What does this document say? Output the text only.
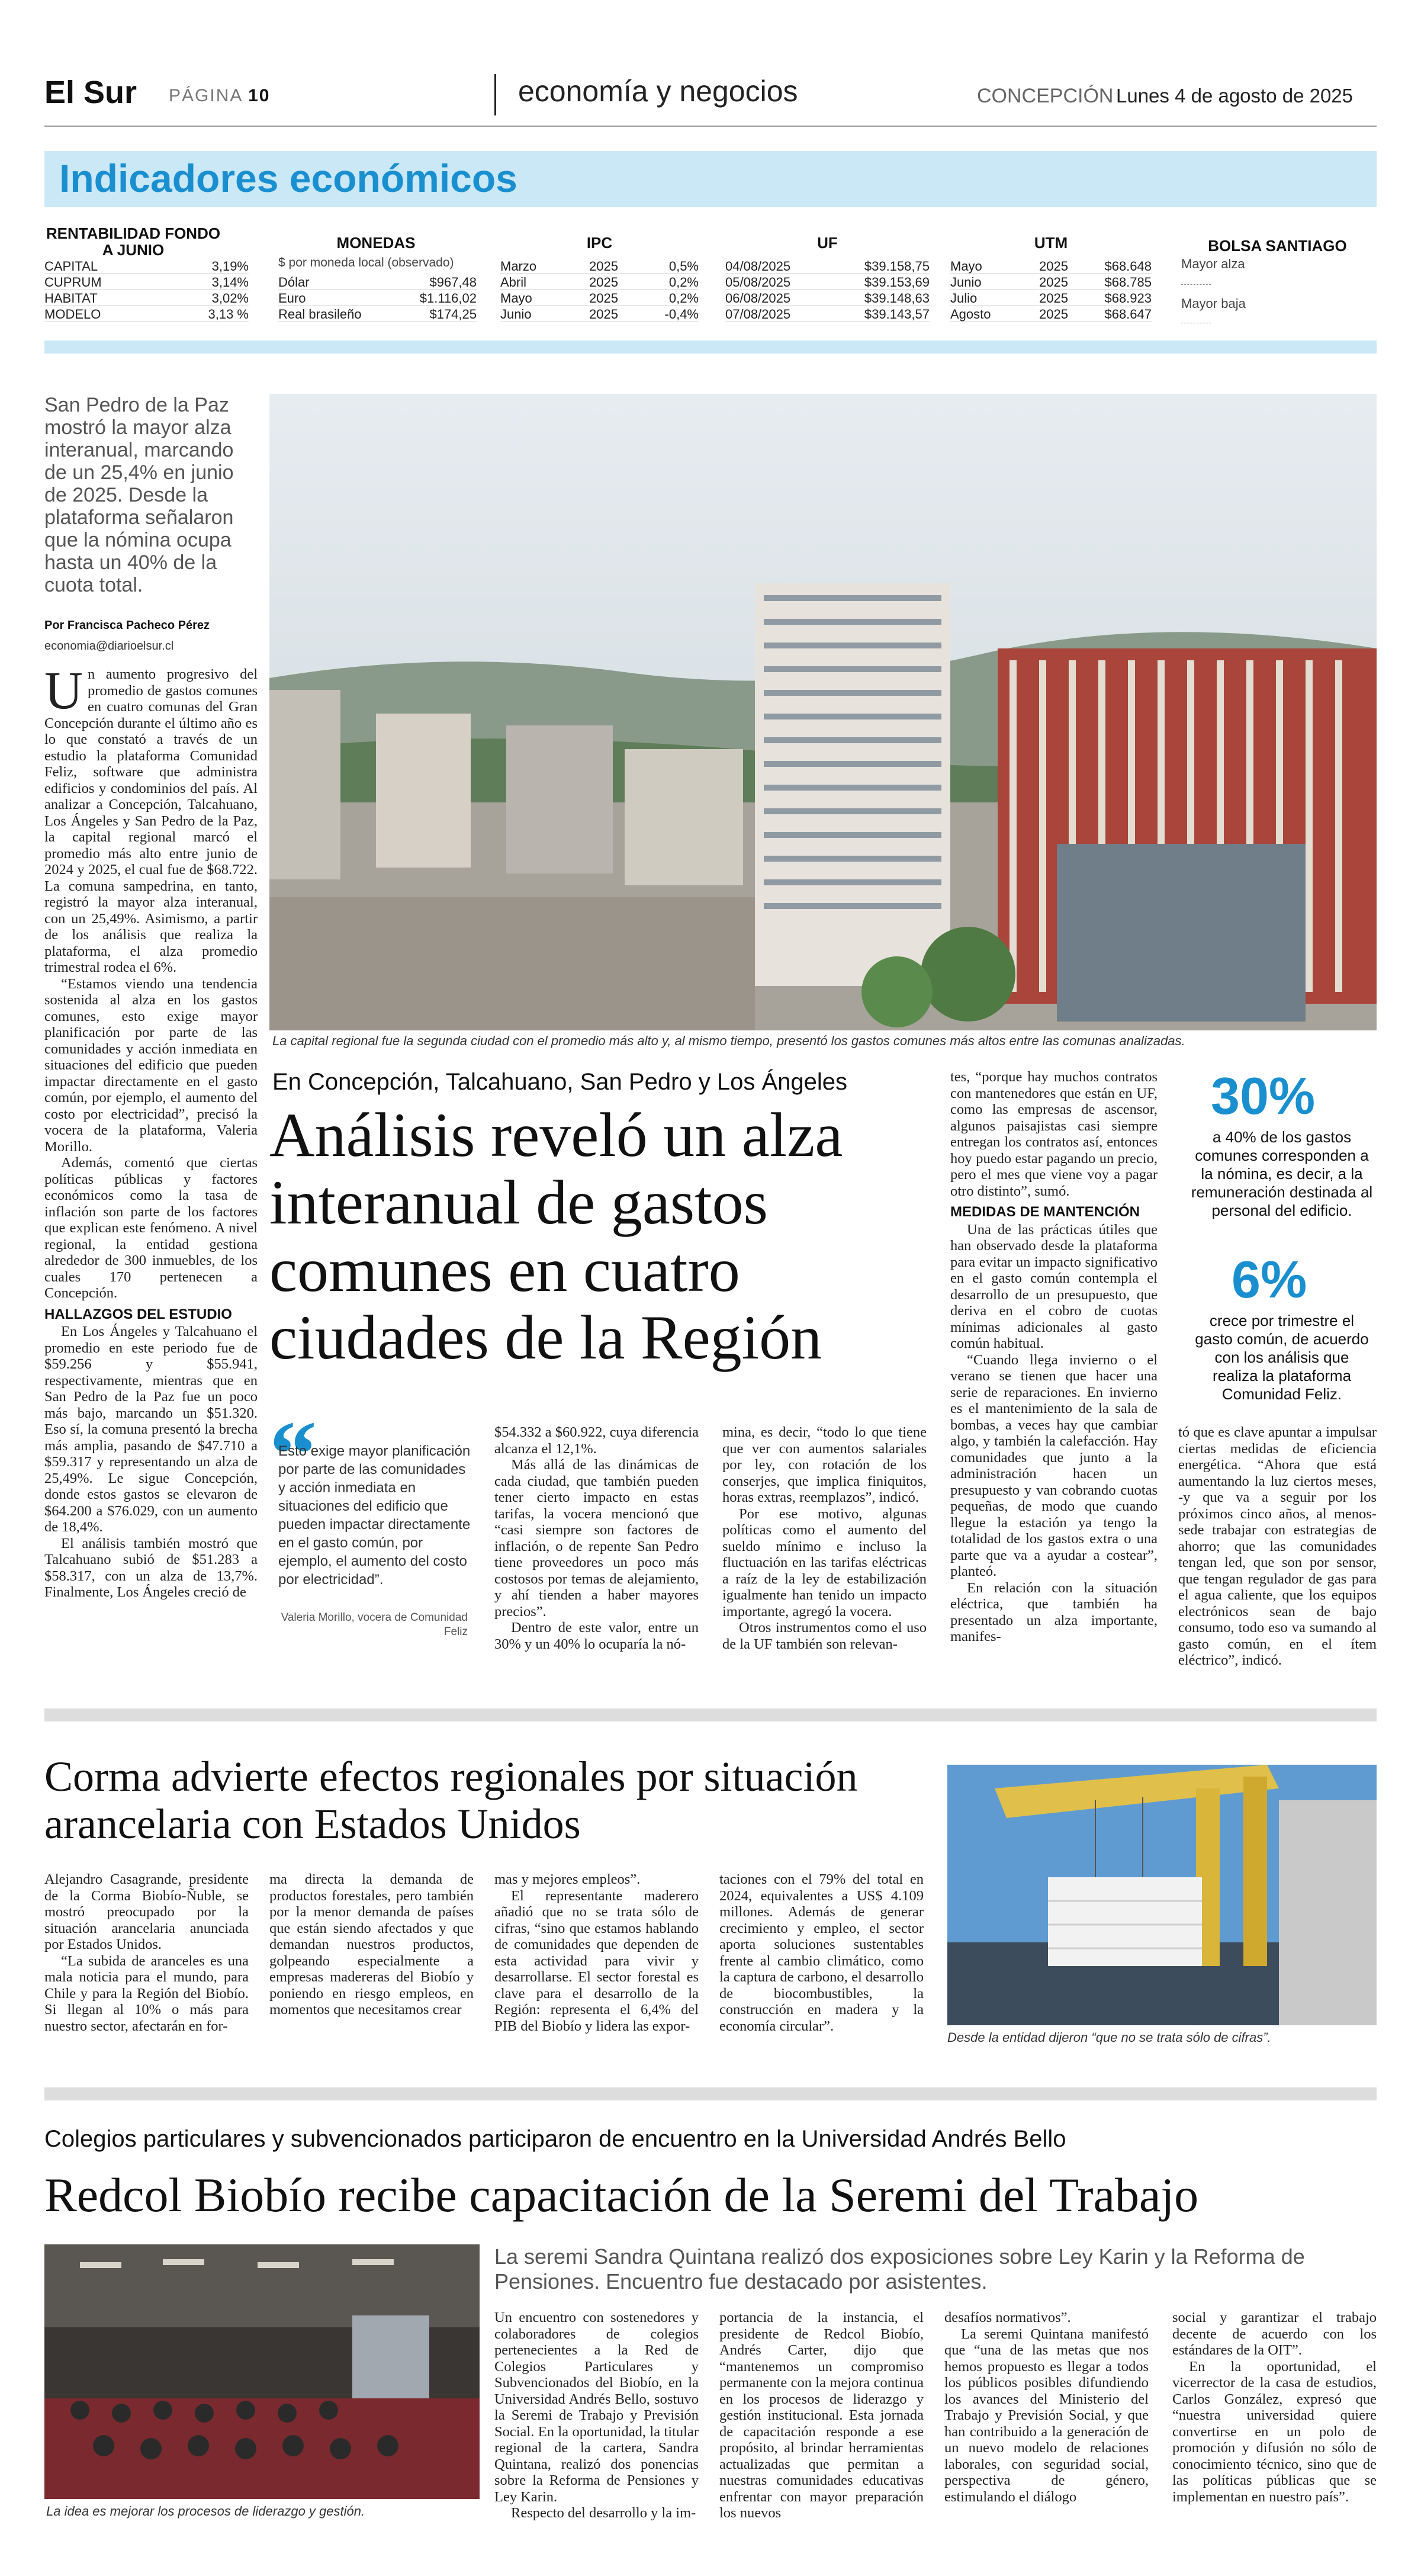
El Sur PÁGINA 10	economía y negocios	CONCEPCIÓN Lunes 4 de agosto de 2025
Indicadores económicos
RENTABILIDAD FONDO A JUNIO
CAPITAL	3,19%
CUPRUM	3,14%
HABITAT	3,02%
MODELO	3,13 %
MONEDAS
$ por moneda local (observado)
Dólar	$967,48
Euro	$1.116,02
Real brasileño	$174,25
IPC
Marzo	2025	0,5%
Abril	2025	0,2%
Mayo	2025	0,2%
Junio	2025	-0,4%
UF
04/08/2025	$39.158,75
05/08/2025	$39.153,69
06/08/2025	$39.148,63
07/08/2025	$39.143,57
UTM
Mayo	2025	$68.648
Junio	2025	$68.785
Julio	2025	$68.923
Agosto	2025	$68.647
BOLSA SANTIAGO
Mayor alza
Mayor baja
San Pedro de la Paz mostró la mayor alza interanual, marcando de un 25,4% en junio de 2025. Desde la plataforma señalaron que la nómina ocupa hasta un 40% de la cuota total.
Por Francisca Pacheco Pérez
economia@diarioelsur.cl

Un aumento progresivo del promedio de gastos comunes en cuatro comunas del Gran Concepción durante el último año es lo que constató a través de un estudio la plataforma Comunidad Feliz, software que administra edificios y condominios del país. Al analizar a Concepción, Talcahuano, Los Ángeles y San Pedro de la Paz, la capital regional marcó el promedio más alto entre junio de 2024 y 2025, el cual fue de $68.722. La comuna sampedrina, en tanto, registró la mayor alza interanual, con un 25,49%. Asimismo, a partir de los análisis que realiza la plataforma, el alza promedio trimestral rodea el 6%.

“Estamos viendo una tendencia sostenida al alza en los gastos comunes, esto exige mayor planificación por parte de las comunidades y acción inmediata en situaciones del edificio que pueden impactar directamente en el gasto común, por ejemplo, el aumento del costo por electricidad”, precisó la vocera de la plataforma, Valeria Morillo.

Además, comentó que ciertas políticas públicas y factores económicos como la tasa de inflación son parte de los factores que explican este fenómeno. A nivel regional, la entidad gestiona alrededor de 300 inmuebles, de los cuales 170 pertenecen a Concepción.

HALLAZGOS DEL ESTUDIO

En Los Ángeles y Talcahuano el promedio en este periodo fue de $59.256 y $55.941, respectivamente, mientras que en San Pedro de la Paz fue un poco más bajo, marcando un $51.320. Eso sí, la comuna presentó la brecha más amplia, pasando de $47.710 a $59.317 y representando un alza de 25,49%. Le sigue Concepción, donde estos gastos se elevaron de $64.200 a $76.029, con un aumento de 18,4%.

El análisis también mostró que Talcahuano subió de $51.283 a $58.317, con un alza de 13,7%. Finalmente, Los Ángeles creció de

La capital regional fue la segunda ciudad con el promedio más alto y, al mismo tiempo, presentó los gastos comunes más altos entre las comunas analizadas.
En Concepción, Talcahuano, San Pedro y Los Ángeles
Análisis reveló un alza interanual de gastos comunes en cuatro ciudades de la Región
“
Esto exige mayor planificación por parte de las comunidades y acción inmediata en situaciones del edificio que pueden impactar directamente en el gasto común, por ejemplo, el aumento del costo por electricidad”.
Valeria Morillo, vocera de Comunidad Feliz

$54.332 a $60.922, cuya diferencia alcanza el 12,1%.

Más allá de las dinámicas de cada ciudad, que también pueden tener cierto impacto en estas tarifas, la vocera mencionó que “casi siempre son factores de inflación, o de repente San Pedro tiene proveedores un poco más costosos por temas de alejamiento, y ahí tienden a haber mayores precios”.

Dentro de este valor, entre un 30% y un 40% lo ocuparía la nó-

mina, es decir, “todo lo que tiene que ver con aumentos salariales por ley, con rotación de los conserjes, que implica finiquitos, horas extras, reemplazos”, indicó.

Por ese motivo, algunas políticas como el aumento del sueldo mínimo e incluso la fluctuación en las tarifas eléctricas a raíz de la ley de estabilización igualmente han tenido un impacto importante, agregó la vocera.

Otros instrumentos como el uso de la UF también son relevan-

tes, “porque hay muchos contratos con mantenedores que están en UF, como las empresas de ascensor, algunos paisajistas casi siempre entregan los contratos así, entonces hoy puedo estar pagando un precio, pero el mes que viene voy a pagar otro distinto”, sumó.

MEDIDAS DE MANTENCIÓN

Una de las prácticas útiles que han observado desde la plataforma para evitar un impacto significativo en el gasto común contempla el desarrollo de un presupuesto, que deriva en el cobro de cuotas mínimas adicionales al gasto común habitual.

“Cuando llega invierno o el verano se tienen que hacer una serie de reparaciones. En invierno es el mantenimiento de la sala de bombas, a veces hay que cambiar algo, y también la calefacción. Hay comunidades que junto a la administración hacen un presupuesto y van cobrando cuotas pequeñas, de modo que cuando llegue la estación ya tengo la totalidad de los gastos extra o una parte que va a ayudar a costear”, planteó.

En relación con la situación eléctrica, que también ha presentado un alza importante, manifes-

30%
a 40% de los gastos comunes corresponden a la nómina, es decir, a la remuneración destinada al personal del edificio.
6%
crece por trimestre el gasto común, de acuerdo con los análisis que realiza la plataforma Comunidad Feliz.

tó que es clave apuntar a impulsar ciertas medidas de eficiencia energética. “Ahora que está aumentando la luz ciertos meses, -y que va a seguir por los próximos cinco años, al menos- sede trabajar con estrategias de ahorro; que las comunidades tengan led, que son por sensor, que tengan regulador de gas para el agua caliente, que los equipos electrónicos sean de bajo consumo, todo eso va sumando al gasto común, en el ítem eléctrico”, indicó.

Corma advierte efectos regionales por situación arancelaria con Estados Unidos

Alejandro Casagrande, presidente de la Corma Biobío-Ñuble, se mostró preocupado por la situación arancelaria anunciada por Estados Unidos.

“La subida de aranceles es una mala noticia para el mundo, para Chile y para la Región del Biobío. Si llegan al 10% o más para nuestro sector, afectarán en for-

ma directa la demanda de productos forestales, pero también por la menor demanda de países que están siendo afectados y que demandan nuestros productos, golpeando especialmente a empresas madereras del Biobío y poniendo en riesgo empleos, en momentos que necesitamos crear

mas y mejores empleos”.

El representante maderero añadió que no se trata sólo de cifras, “sino que estamos hablando de comunidades que dependen de esta actividad para vivir y desarrollarse. El sector forestal es clave para el desarrollo de la Región: representa el 6,4% del PIB del Biobío y lidera las expor-

taciones con el 79% del total en 2024, equivalentes a US$ 4.109 millones. Además de generar crecimiento y empleo, el sector aporta soluciones sustentables frente al cambio climático, como la captura de carbono, el desarrollo de biocombustibles, la construcción en madera y la economía circular”.

Desde la entidad dijeron “que no se trata sólo de cifras”.
Colegios particulares y subvencionados participaron de encuentro en la Universidad Andrés Bello
Redcol Biobío recibe capacitación de la Seremi del Trabajo
La seremi Sandra Quintana realizó dos exposiciones sobre Ley Karin y la Reforma de Pensiones. Encuentro fue destacado por asistentes.
La idea es mejorar los procesos de liderazgo y gestión.

Un encuentro con sostenedores y colaboradores de colegios pertenecientes a la Red de Colegios Particulares y Subvencionados del Biobío, en la Universidad Andrés Bello, sostuvo la Seremi de Trabajo y Previsión Social. En la oportunidad, la titular regional de la cartera, Sandra Quintana, realizó dos ponencias sobre la Reforma de Pensiones y Ley Karin.

Respecto del desarrollo y la im-

portancia de la instancia, el presidente de Redcol Biobío, Andrés Carter, dijo que “mantenemos un compromiso permanente con la mejora continua en los procesos de liderazgo y gestión institucional. Esta jornada de capacitación responde a ese propósito, al brindar herramientas actualizadas que permitan a nuestras comunidades educativas enfrentar con mayor preparación los nuevos

desafíos normativos”.

La seremi Quintana manifestó que “una de las metas que nos hemos propuesto es llegar a todos los públicos posibles difundiendo los avances del Ministerio del Trabajo y Previsión Social, y que han contribuido a la generación de un nuevo modelo de relaciones laborales, con seguridad social, perspectiva de género, estimulando el diálogo

social y garantizar el trabajo decente de acuerdo con los estándares de la OIT”.

En la oportunidad, el vicerrector de la casa de estudios, Carlos González, expresó que “nuestra universidad quiere convertirse en un polo de promoción y difusión no sólo de conocimiento técnico, sino que de las políticas públicas que se implementan en nuestro país”.
